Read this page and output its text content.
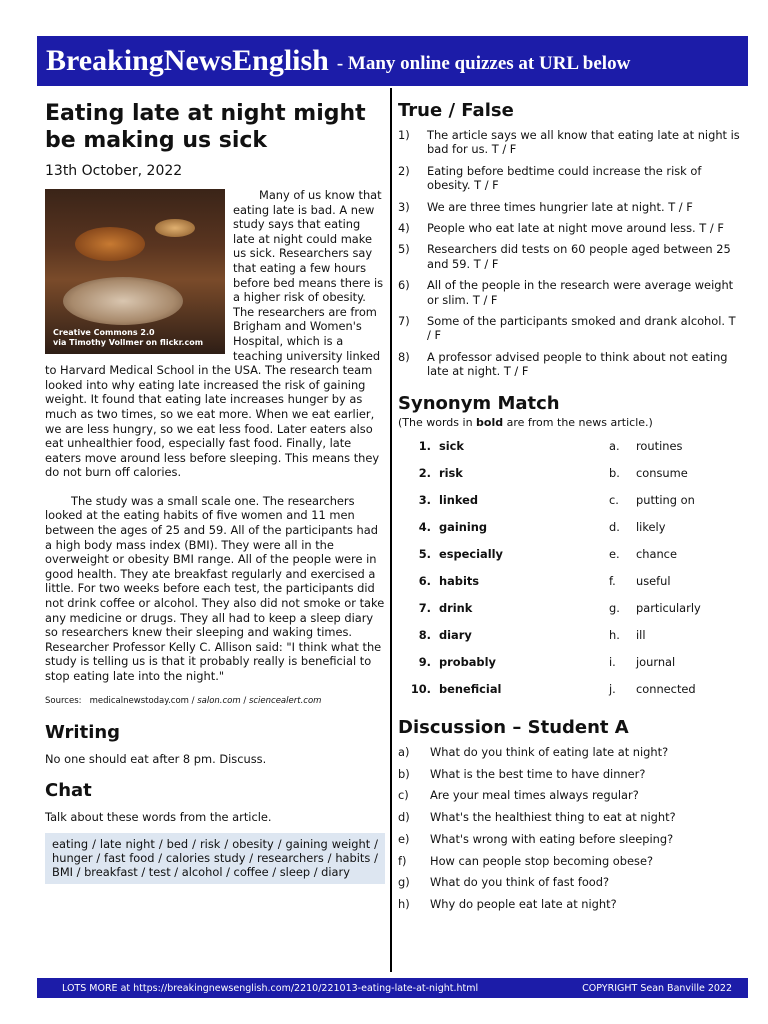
BreakingNewsEnglish - Many online quizzes at URL below
Eating late at night might be making us sick
13th October, 2022
Creative Commons 2.0
via Timothy Vollmer on flickr.com

Many of us know that eating late is bad. A new study says that eating late at night could make us sick. Researchers say that eating a few hours before bed means there is a higher risk of obesity. The researchers are from Brigham and Women's Hospital, which is a teaching university linked to Harvard Medical School in the USA. The research team looked into why eating late increased the risk of gaining weight. It found that eating late increases hunger by as much as two times, so we eat more. When we eat earlier, we are less hungry, so we eat less food. Later eaters also eat unhealthier food, especially fast food. Finally, late eaters move around less before sleeping. This means they do not burn off calories.

The study was a small scale one. The researchers looked at the eating habits of five women and 11 men between the ages of 25 and 59. All of the participants had a high body mass index (BMI). They were all in the overweight or obesity BMI range. All of the people were in good health. They ate breakfast regularly and exercised a little. For two weeks before each test, the participants did not drink coffee or alcohol. They also did not smoke or take any medicine or drugs. They all had to keep a sleep diary so researchers knew their sleeping and waking times. Researcher Professor Kelly C. Allison said: "I think what the study is telling us is that it probably really is beneficial to stop eating late into the night."

Sources: medicalnewstoday.com / salon.com / sciencealert.com
Writing
No one should eat after 8 pm. Discuss.
Chat
Talk about these words from the article.
eating / late night / bed / risk / obesity / gaining weight / hunger / fast food / calories study / researchers / habits / BMI / breakfast / test / alcohol / coffee / sleep / diary
True / False
1)	The article says we all know that eating late at night is bad for us. T / F
2)	Eating before bedtime could increase the risk of obesity. T / F
3)	We are three times hungrier late at night. T / F
4)	People who eat late at night move around less. T / F
5)	Researchers did tests on 60 people aged between 25 and 59. T / F
6)	All of the people in the research were average weight or slim. T / F
7)	Some of the participants smoked and drank alcohol. T / F
8)	A professor advised people to think about not eating late at night. T / F
Synonym Match
(The words in bold are from the news article.)
1. sick	a.	routines
2. risk	b.	consume
3. linked	c.	putting on
4. gaining	d.	likely
5. especially	e.	chance
6. habits	f.	useful
7. drink	g.	particularly
8. diary	h.	ill
9. probably	i.	journal
10. beneficial	j.	connected
Discussion – Student A
a)	What do you think of eating late at night?
b)	What is the best time to have dinner?
c)	Are your meal times always regular?
d)	What's the healthiest thing to eat at night?
e)	What's wrong with eating before sleeping?
f)	How can people stop becoming obese?
g)	What do you think of fast food?
h)	Why do people eat late at night?
LOTS MORE at https://breakingnewsenglish.com/2210/221013-eating-late-at-night.html	COPYRIGHT Sean Banville 2022
